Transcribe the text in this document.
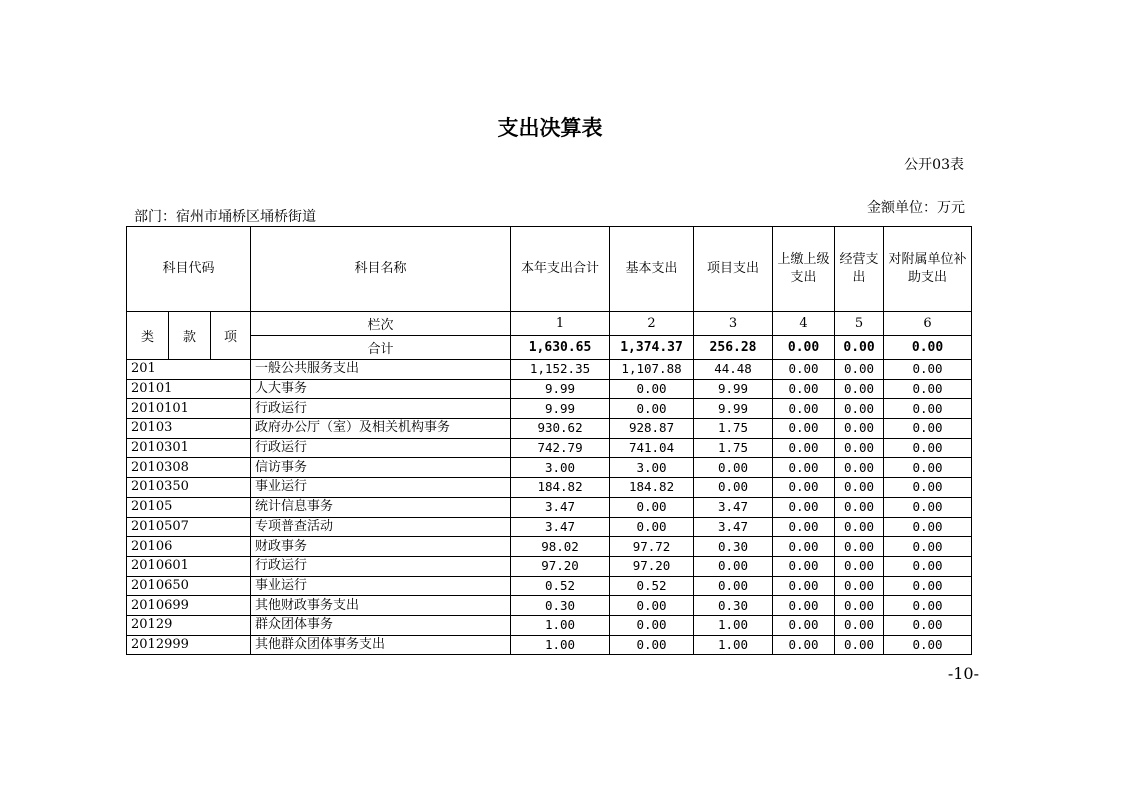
支出决算表
公开03表
金额单位：万元
部门：宿州市埇桥区埇桥街道
科目代码			科目名称	本年支出合计	基本支出	项目支出	上缴上级支出	经营支出	对附属单位补助支出
类	款	项	栏次	1	2	3	4	5	6
			合计	1,630.65	1,374.37	256.28	0.00	0.00	0.00
201			一般公共服务支出	1,152.35	1,107.88	44.48	0.00	0.00	0.00
20101			人大事务	9.99	0.00	9.99	0.00	0.00	0.00
2010101			行政运行	9.99	0.00	9.99	0.00	0.00	0.00
20103			政府办公厅（室）及相关机构事务	930.62	928.87	1.75	0.00	0.00	0.00
2010301			行政运行	742.79	741.04	1.75	0.00	0.00	0.00
2010308			信访事务	3.00	3.00	0.00	0.00	0.00	0.00
2010350			事业运行	184.82	184.82	0.00	0.00	0.00	0.00
20105			统计信息事务	3.47	0.00	3.47	0.00	0.00	0.00
2010507			专项普查活动	3.47	0.00	3.47	0.00	0.00	0.00
20106			财政事务	98.02	97.72	0.30	0.00	0.00	0.00
2010601			行政运行	97.20	97.20	0.00	0.00	0.00	0.00
2010650			事业运行	0.52	0.52	0.00	0.00	0.00	0.00
2010699			其他财政事务支出	0.30	0.00	0.30	0.00	0.00	0.00
20129			群众团体事务	1.00	0.00	1.00	0.00	0.00	0.00
2012999			其他群众团体事务支出	1.00	0.00	1.00	0.00	0.00	0.00
-10-
